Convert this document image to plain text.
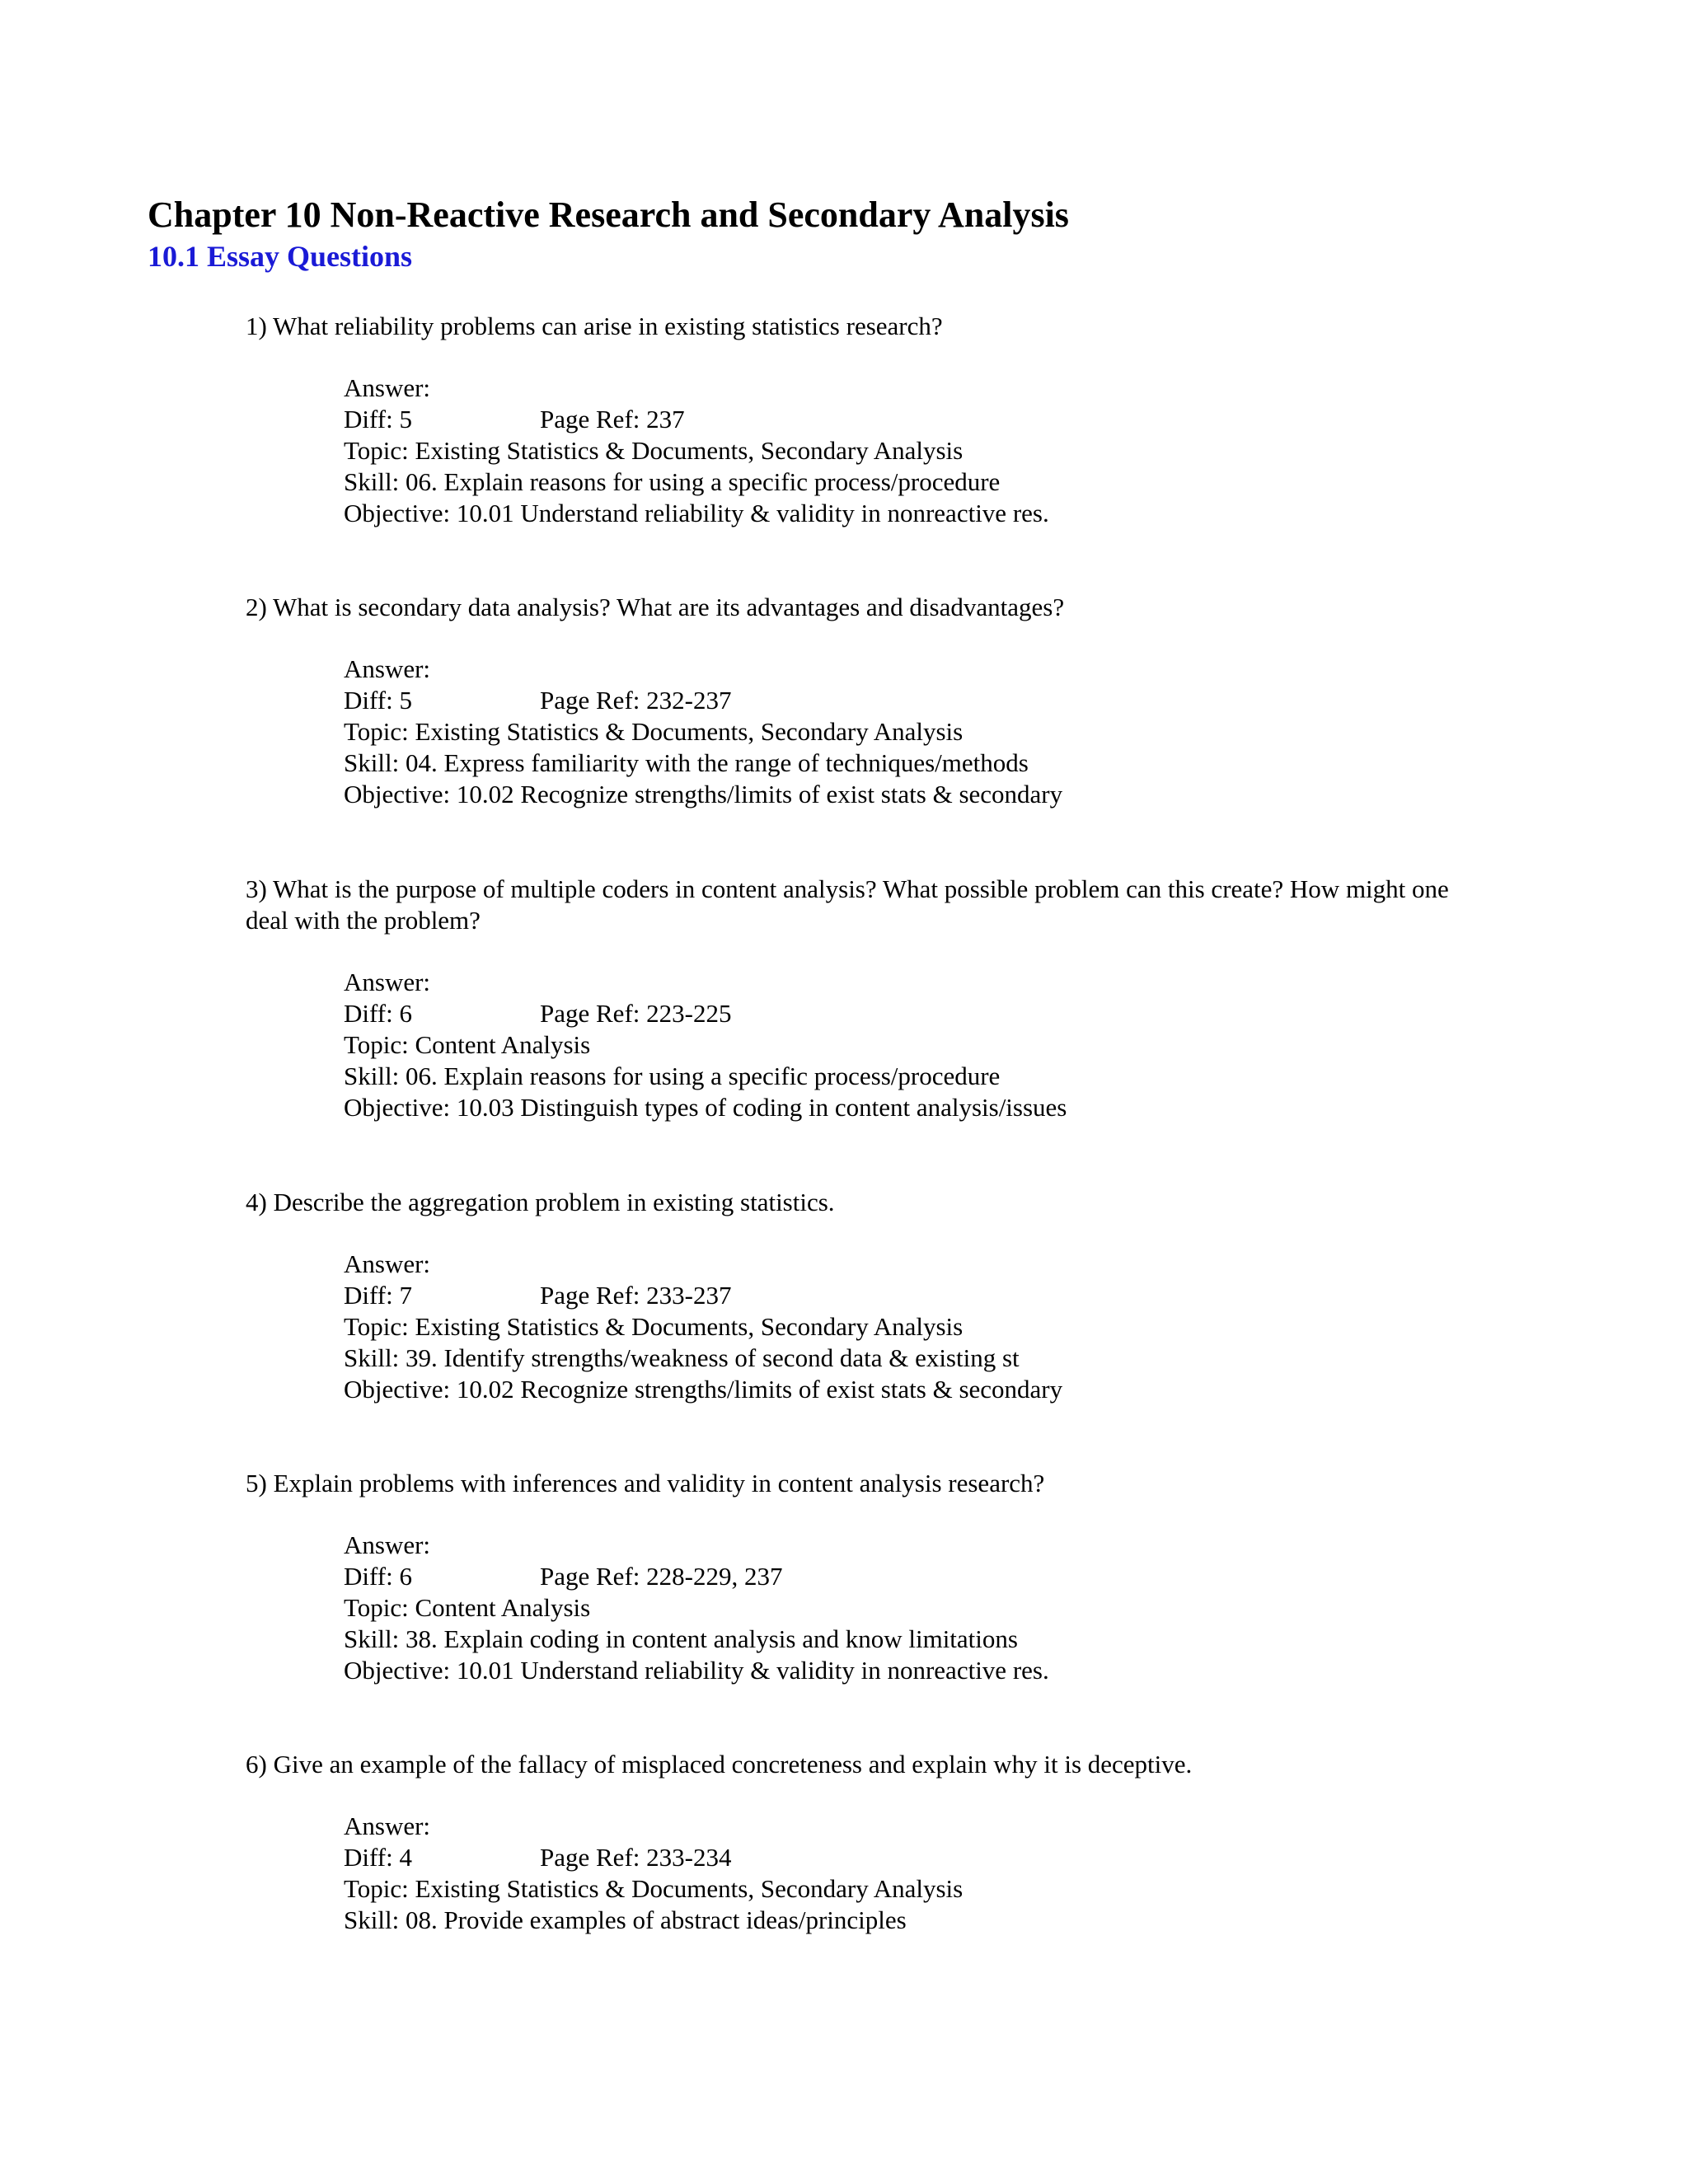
Chapter 10 Non-Reactive Research and Secondary Analysis
10.1 Essay Questions

1) What reliability problems can arise in existing statistics research?

Answer:
Diff: 5	Page Ref: 237
Topic: Existing Statistics & Documents, Secondary Analysis
Skill: 06. Explain reasons for using a specific process/procedure
Objective: 10.01 Understand reliability & validity in nonreactive res.

2) What is secondary data analysis? What are its advantages and disadvantages?

Answer:
Diff: 5	Page Ref: 232-237
Topic: Existing Statistics & Documents, Secondary Analysis
Skill: 04. Express familiarity with the range of techniques/methods
Objective: 10.02 Recognize strengths/limits of exist stats & secondary

3) What is the purpose of multiple coders in content analysis? What possible problem can this create? How might one deal with the problem?

Answer:
Diff: 6	Page Ref: 223-225
Topic: Content Analysis
Skill: 06. Explain reasons for using a specific process/procedure
Objective: 10.03 Distinguish types of coding in content analysis/issues

4) Describe the aggregation problem in existing statistics.

Answer:
Diff: 7	Page Ref: 233-237
Topic: Existing Statistics & Documents, Secondary Analysis
Skill: 39. Identify strengths/weakness of second data & existing st
Objective: 10.02 Recognize strengths/limits of exist stats & secondary

5) Explain problems with inferences and validity in content analysis research?

Answer:
Diff: 6	Page Ref: 228-229, 237
Topic: Content Analysis
Skill: 38. Explain coding in content analysis and know limitations
Objective: 10.01 Understand reliability & validity in nonreactive res.

6) Give an example of the fallacy of misplaced concreteness and explain why it is deceptive.

Answer:
Diff: 4	Page Ref: 233-234
Topic: Existing Statistics & Documents, Secondary Analysis
Skill: 08. Provide examples of abstract ideas/principles
